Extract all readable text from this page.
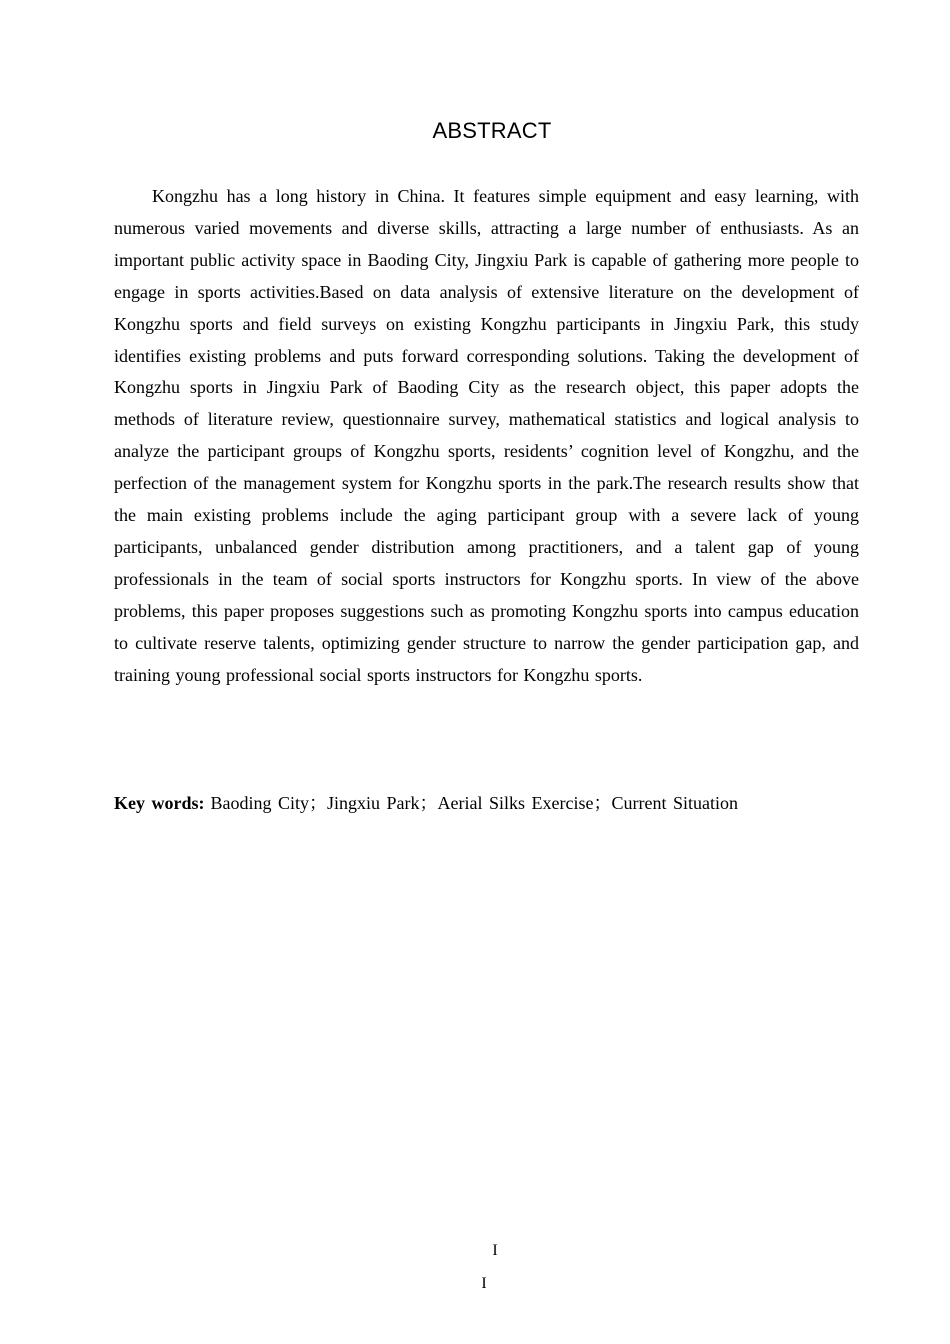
ABSTRACT

Kongzhu has a long history in China. It features simple equipment and easy learning, with numerous varied movements and diverse skills, attracting a large number of enthusiasts. As an important public activity space in Baoding City, Jingxiu Park is capable of gathering more people to engage in sports activities.Based on data analysis of extensive literature on the development of Kongzhu sports and field surveys on existing Kongzhu participants in Jingxiu Park, this study identifies existing problems and puts forward corresponding solutions. Taking the development of Kongzhu sports in Jingxiu Park of Baoding City as the research object, this paper adopts the methods of literature review, questionnaire survey, mathematical statistics and logical analysis to analyze the participant groups of Kongzhu sports, residents’ cognition level of Kongzhu, and the perfection of the management system for Kongzhu sports in the park.The research results show that the main existing problems include the aging participant group with a severe lack of young participants, unbalanced gender distribution among practitioners, and a talent gap of young professionals in the team of social sports instructors for Kongzhu sports. In view of the above problems, this paper proposes suggestions such as promoting Kongzhu sports into campus education to cultivate reserve talents, optimizing gender structure to narrow the gender participation gap, and training young professional social sports instructors for Kongzhu sports.

Key words: Baoding City；Jingxiu Park；Aerial Silks Exercise；Current Situation

I
I
